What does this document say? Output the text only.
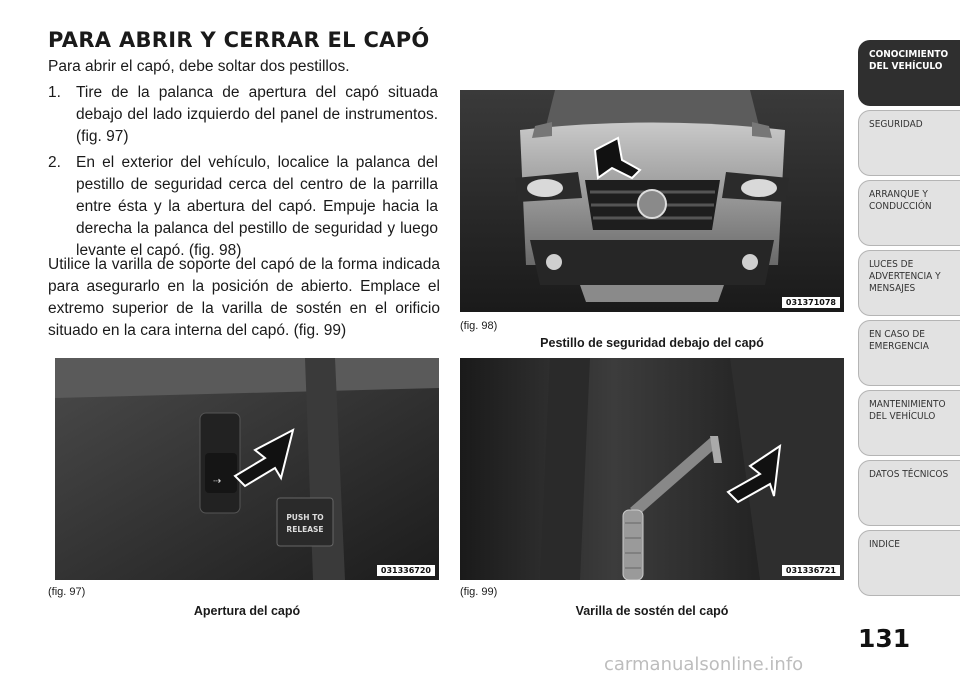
PARA ABRIR Y CERRAR EL CAPÓ

Para abrir el capó, debe soltar dos pestillos.

1. Tire de la palanca de apertura del capó situada debajo del lado izquierdo del panel de instrumentos. (fig. 97)
2. En el exterior del vehículo, localice la palanca del pestillo de seguridad cerca del centro de la parrilla entre ésta y la abertura del capó. Empuje hacia la derecha la palanca del pestillo de seguridad y luego levante el capó. (fig. 98)

Utilice la varilla de soporte del capó de la forma indicada para asegurarlo en la posición de abierto. Emplace el extremo superior de la varilla de sostén en el orificio situado en la cara interna del capó. (fig. 99)

031371078
(fig. 98)
Pestillo de seguridad debajo del capó
⇢
PUSH TO
RELEASE
031336720
(fig. 97)
Apertura del capó
031336721
(fig. 99)
Varilla de sostén del capó
CONOCIMIENTO DEL VEHÍCULO
SEGURIDAD
ARRANQUE Y CONDUCCIÓN
LUCES DE ADVERTENCIA Y MENSAJES
EN CASO DE EMERGENCIA
MANTENIMIENTO DEL VEHÍCULO
DATOS TÉCNICOS
INDICE
131
carmanualsonline.info
